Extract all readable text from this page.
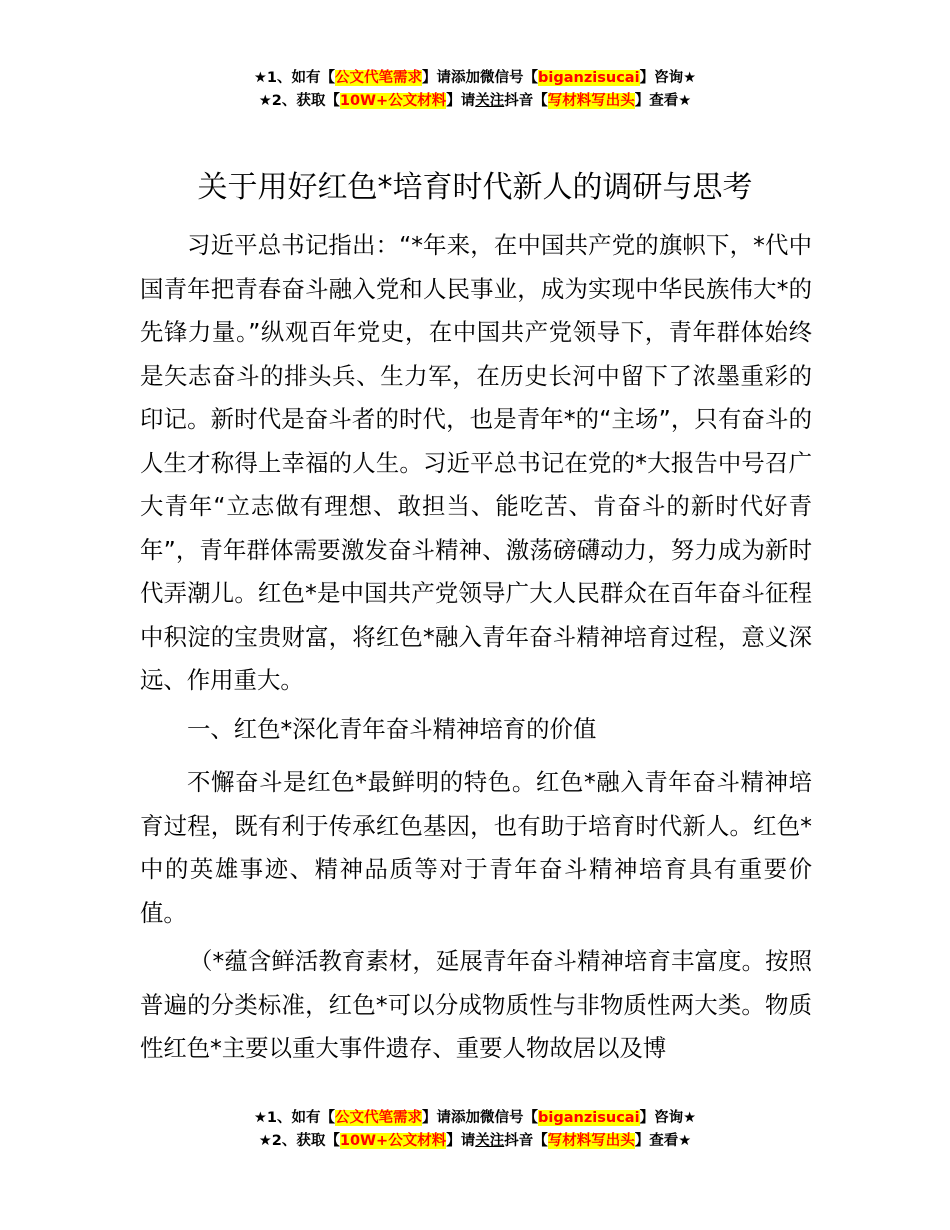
★1、如有【公文代笔需求】请添加微信号【biganzisucai】咨询★
★2、获取【10W+公文材料】请关注抖音【写材料写出头】查看★
关于用好红色*培育时代新人的调研与思考

习近平总书记指出：“*年来，在中国共产党的旗帜下，*代中国青年把青春奋斗融入党和人民事业，成为实现中华民族伟大*的先锋力量。”纵观百年党史，在中国共产党领导下，青年群体始终是矢志奋斗的排头兵、生力军，在历史长河中留下了浓墨重彩的印记。新时代是奋斗者的时代，也是青年*的“主场”，只有奋斗的人生才称得上幸福的人生。习近平总书记在党的*大报告中号召广大青年“立志做有理想、敢担当、能吃苦、肯奋斗的新时代好青年”，青年群体需要激发奋斗精神、激荡磅礴动力，努力成为新时代弄潮儿。红色*是中国共产党领导广大人民群众在百年奋斗征程中积淀的宝贵财富，将红色*融入青年奋斗精神培育过程，意义深远、作用重大。

一、红色*深化青年奋斗精神培育的价值

不懈奋斗是红色*最鲜明的特色。红色*融入青年奋斗精神培育过程，既有利于传承红色基因，也有助于培育时代新人。红色*中的英雄事迹、精神品质等对于青年奋斗精神培育具有重要价值。

（*蕴含鲜活教育素材，延展青年奋斗精神培育丰富度。按照普遍的分类标准，红色*可以分成物质性与非物质性两大类。物质性红色*主要以重大事件遗存、重要人物故居以及博

★1、如有【公文代笔需求】请添加微信号【biganzisucai】咨询★
★2、获取【10W+公文材料】请关注抖音【写材料写出头】查看★
